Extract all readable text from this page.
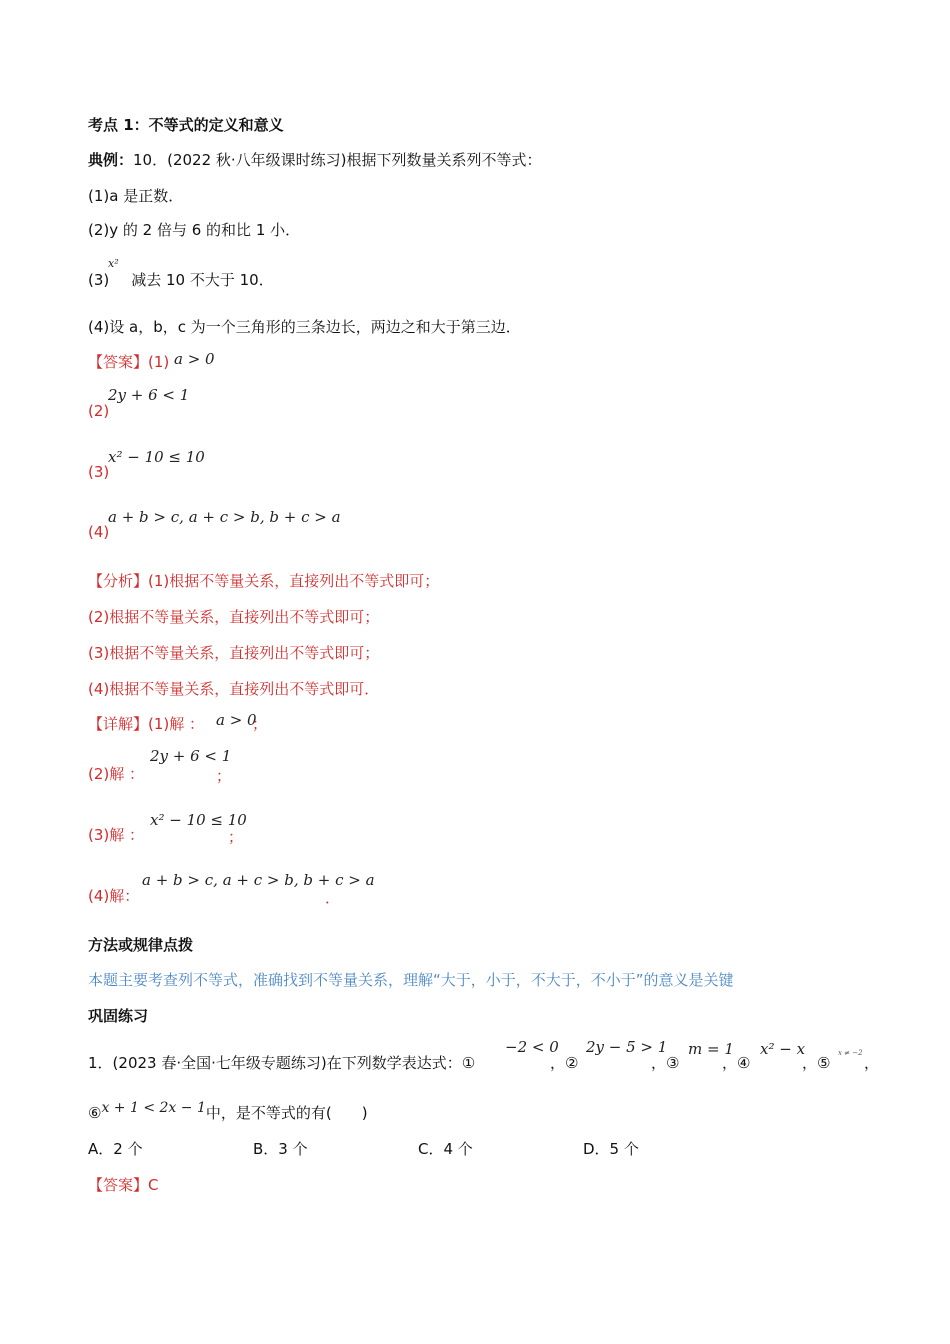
考点 1：不等式的定义和意义
典例：10．(2022 秋·八年级课时练习)根据下列数量关系列不等式：
(1)a 是正数．
(2)y 的 2 倍与 6 的和比 1 小．
x²
(3) 减去 10 不大于 10．
(4)设 a，b，c 为一个三角形的三条边长，两边之和大于第三边．
【答案】(1) a > 0
2y + 6 < 1
(2)
x² − 10 ≤ 10
(3)
a + b > c, a + c > b, b + c > a
(4)
【分析】(1)根据不等量关系，直接列出不等式即可；
(2)根据不等量关系，直接列出不等式即可；
(3)根据不等量关系，直接列出不等式即可；
(4)根据不等量关系，直接列出不等式即可．
【详解】(1)解 ： a > 0
；
2y + 6 < 1
(2)解 ：	；
x² − 10 ≤ 10
(3)解 ：	；
a + b > c, a + c > b, b + c > a
(4)解：	．
方法或规律点拨
本题主要考查列不等式，准确找到不等量关系，理解“大于，小于，不大于，不小于”的意义是关键
巩固练习
1．(2023 春·全国·七年级专题练习)在下列数学表达式：①
−2 < 0
，②
2y − 5 > 1
，③
m = 1
，④
x² − x
，⑤
x ≠ −2
，
⑥x + 1 < 2x − 1中，是不等式的有(　　)
A．2 个	B．3 个	C．4 个	D．5 个
【答案】C
